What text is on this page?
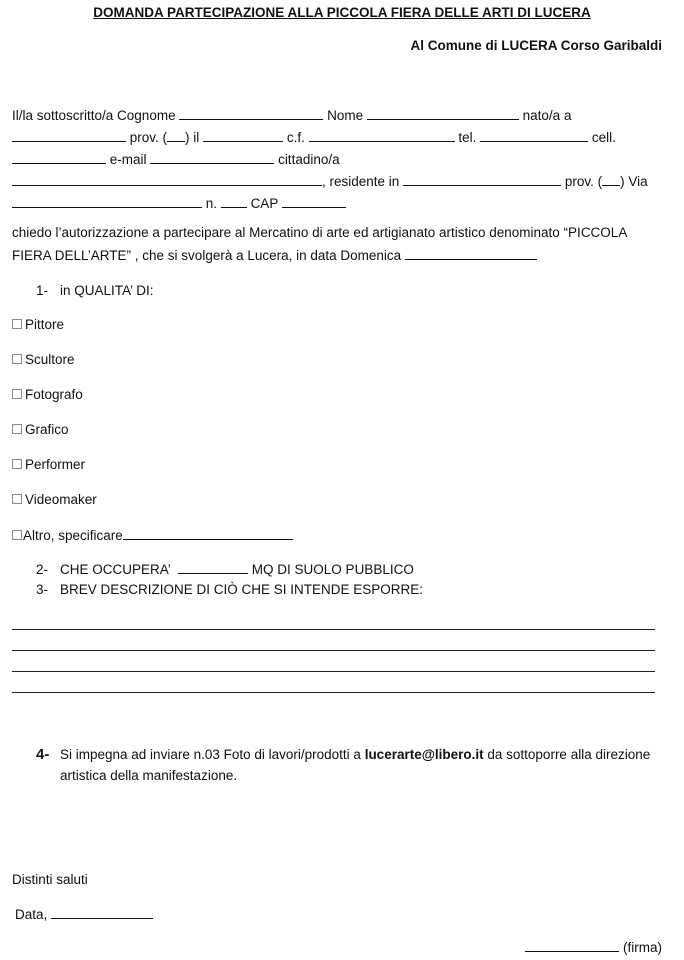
DOMANDA PARTECIPAZIONE ALLA PICCOLA FIERA DELLE ARTI DI LUCERA
Al Comune di LUCERA Corso Garibaldi
Il/la sottoscritto/a Cognome	Nome	nato/a a
prov. ( ) il	c.f.	tel.	cell.
e-mail	cittadino/a
, residente in	prov. ( ) Via
n. CAP
chiedo l’autorizzazione a partecipare al Mercatino di arte ed artigianato artistico denominato “PICCOLA
FIERA DELL’ARTE” , che si svolgerà a Lucera, in data Domenica
1- in QUALITA’ DI:
Pittore
Scultore
Fotografo
Grafico
Performer
Videomaker
Altro, specificare
2- CHE OCCUPERA’	MQ DI SUOLO PUBBLICO
3- BREV DESCRIZIONE DI CIÒ CHE SI INTENDE ESPORRE:
4- Si impegna ad inviare n.03 Foto di lavori/prodotti a lucerarte@libero.it da sottoporre alla direzione
artistica della manifestazione.
Distinti saluti
Data,
(firma)
